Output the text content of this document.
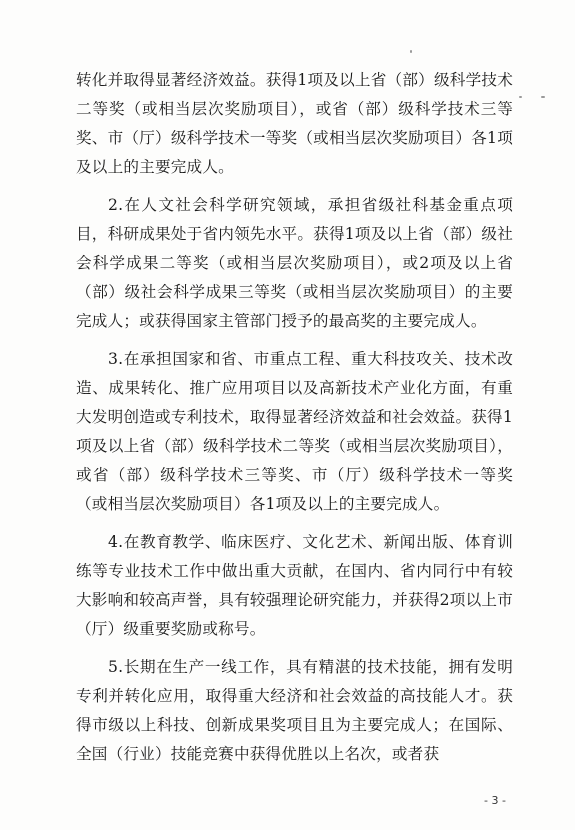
转化并取得显著经济效益。获得1项及以上省（部）级科学技术二等奖（或相当层次奖励项目），或省（部）级科学技术三等奖、市（厅）级科学技术一等奖（或相当层次奖励项目）各1项及以上的主要完成人。

2.在人文社会科学研究领域，承担省级社科基金重点项目，科研成果处于省内领先水平。获得1项及以上省（部）级社会科学成果二等奖（或相当层次奖励项目），或2项及以上省（部）级社会科学成果三等奖（或相当层次奖励项目）的主要完成人；或获得国家主管部门授予的最高奖的主要完成人。

3.在承担国家和省、市重点工程、重大科技攻关、技术改造、成果转化、推广应用项目以及高新技术产业化方面，有重大发明创造或专利技术，取得显著经济效益和社会效益。获得1项及以上省（部）级科学技术二等奖（或相当层次奖励项目），或省（部）级科学技术三等奖、市（厅）级科学技术一等奖（或相当层次奖励项目）各1项及以上的主要完成人。

4.在教育教学、临床医疗、文化艺术、新闻出版、体育训练等专业技术工作中做出重大贡献，在国内、省内同行中有较大影响和较高声誉，具有较强理论研究能力，并获得2项以上市（厅）级重要奖励或称号。

5.长期在生产一线工作，具有精湛的技术技能，拥有发明专利并转化应用，取得重大经济和社会效益的高技能人才。获得市级以上科技、创新成果奖项目且为主要完成人；在国际、全国（行业）技能竞赛中获得优胜以上名次，或者获

- 3 -
